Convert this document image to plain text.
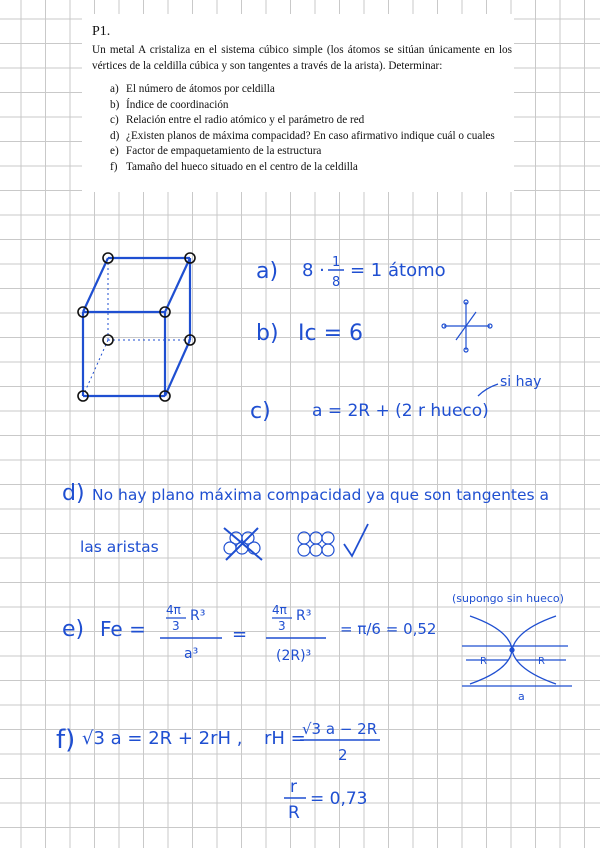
P1.
Un metal A cristaliza en el sistema cúbico simple (los átomos se sitúan únicamente en los vértices de la celdilla cúbica y son tangentes a través de la arista). Determinar:
a) El número de átomos por celdilla
b) Índice de coordinación
c) Relación entre el radio atómico y el parámetro de red
d) ¿Existen planos de máxima compacidad? En caso afirmativo indique cuál o cuales
e) Factor de empaquetamiento de la estructura
f) Tamaño del hueco situado en el centro de la celdilla
a) 8 · 1
8
= 1 átomo
b) Ic = 6
c) a = 2R + (2 r hueco)
si hay
d) No hay plano máxima compacidad ya que son tangentes a
las aristas
e) Fe =
4π
3
R³
a³
=
4π
3
R³
(2R)³
= π/6 = 0,52
(supongo sin hueco)
R	R
a
f) √3 a = 2R + 2rH , rH =
√3 a − 2R
2
r
R
= 0,73
